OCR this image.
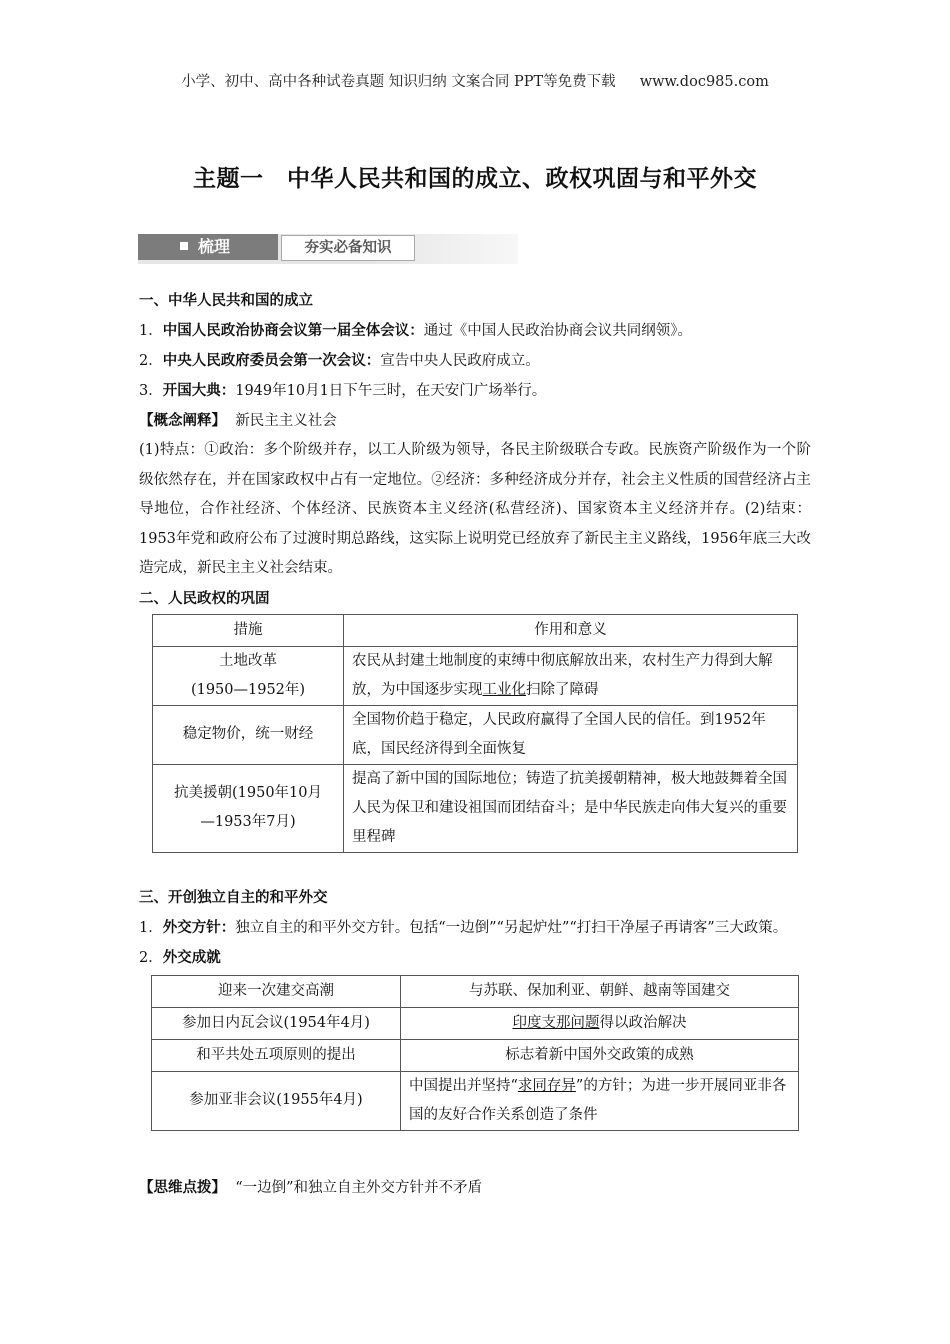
小学、初中、高中各种试卷真题 知识归纳 文案合同 PPT等免费下载 www.doc985.com
主题一　中华人民共和国的成立、政权巩固与和平外交
梳理	夯实必备知识

一、中华人民共和国的成立

1．中国人民政治协商会议第一届全体会议：通过《中国人民政治协商会议共同纲领》。

2．中央人民政府委员会第一次会议：宣告中央人民政府成立。

3．开国大典：1949年10月1日下午三时，在天安门广场举行。

【概念阐释】 新民主主义社会

(1)特点：①政治：多个阶级并存，以工人阶级为领导，各民主阶级联合专政。民族资产阶级作为一个阶级依然存在，并在国家政权中占有一定地位。②经济：多种经济成分并存，社会主义性质的国营经济占主导地位，合作社经济、个体经济、民族资本主义经济(私营经济)、国家资本主义经济并存。(2)结束：1953年党和政府公布了过渡时期总路线，这实际上说明党已经放弃了新民主主义路线，1956年底三大改造完成，新民主主义社会结束。

二、人民政权的巩固

措施	作用和意义
土地改革
(1950—1952年)	农民从封建土地制度的束缚中彻底解放出来，农村生产力得到大解放，为中国逐步实现工业化扫除了障碍
稳定物价，统一财经	全国物价趋于稳定，人民政府赢得了全国人民的信任。到1952年底，国民经济得到全面恢复
抗美援朝(1950年10月
—1953年7月)	提高了新中国的国际地位；铸造了抗美援朝精神，极大地鼓舞着全国人民为保卫和建设祖国而团结奋斗；是中华民族走向伟大复兴的重要里程碑

三、开创独立自主的和平外交

1．外交方针：独立自主的和平外交方针。包括“一边倒”“另起炉灶”“打扫干净屋子再请客”三大政策。

2．外交成就

迎来一次建交高潮	与苏联、保加利亚、朝鲜、越南等国建交
参加日内瓦会议(1954年4月)	印度支那问题得以政治解决
和平共处五项原则的提出	标志着新中国外交政策的成熟
参加亚非会议(1955年4月)	中国提出并坚持“求同存异”的方针；为进一步开展同亚非各国的友好合作关系创造了条件
【思维点拨】 “一边倒”和独立自主外交方针并不矛盾
